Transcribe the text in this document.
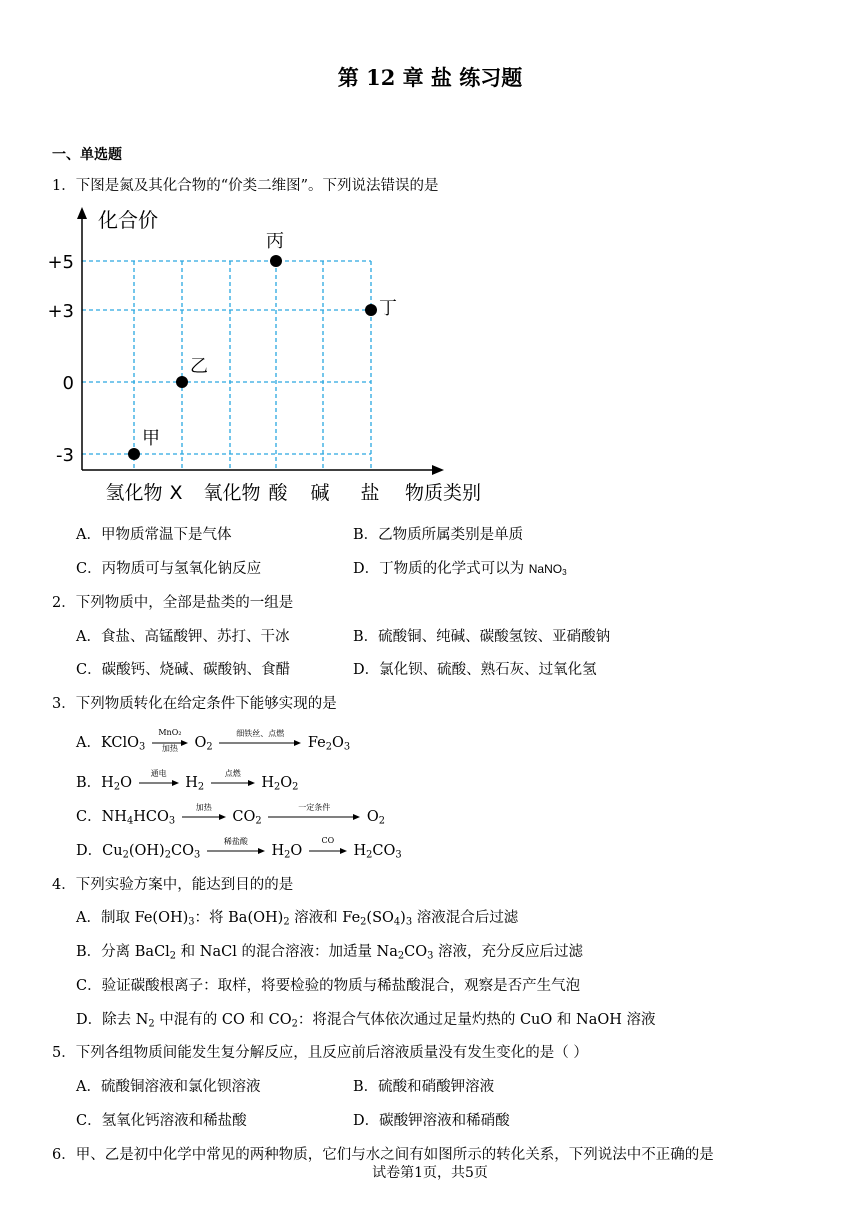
第 12 章 盐 练习题
一、单选题
1．下图是氮及其化合物的“价类二维图”。下列说法错误的是
化合价
+5
+3
0
-3
氢化物 X 氧化物 酸 碱 盐 物质类别
甲
乙
丙
丁
A．甲物质常温下是气体	B．乙物质所属类别是单质
C．丙物质可与氢氧化钠反应	D．丁物质的化学式可以为 NaNO$_3$
2．下列物质中，全部是盐类的一组是
A．食盐、高锰酸钾、苏打、干冰	B．硫酸铜、纯碱、碳酸氢铵、亚硝酸钠
C．碳酸钙、烧碱、碳酸钠、食醋	D．氯化钡、硫酸、熟石灰、过氧化氢
3．下列物质转化在给定条件下能够实现的是
A．KClO$_3$
MnO₂
加热	$O_2$
细铁丝、点燃
$Fe_2O_3$
B．$H_2O$
通电
$H_2$
点燃
$H_2O_2$
C．$NH_4HCO_3$
加热
$CO_2$
一定条件
$O_2$
D．$Cu_2(OH)_2CO_3$
稀盐酸
$H_2O$
CO
$H_2CO_3$
4．下列实验方案中，能达到目的的是
A．制取 $Fe(OH)_3$：将 $Ba(OH)_2$ 溶液和 $Fe_2(SO_4)_3$ 溶液混合后过滤
B．分离 BaCl$_2$ 和 NaCl 的混合溶液：加适量 $Na_2CO_3$ 溶液，充分反应后过滤
C．验证碳酸根离子：取样，将要检验的物质与稀盐酸混合，观察是否产生气泡
D．除去 $N_2$ 中混有的 CO 和 $CO_2$：将混合气体依次通过足量灼热的 CuO 和 NaOH 溶液
5．下列各组物质间能发生复分解反应，且反应前后溶液质量没有发生变化的是（ ）
A．硫酸铜溶液和氯化钡溶液	B．硫酸和硝酸钾溶液
C．氢氧化钙溶液和稀盐酸	D．碳酸钾溶液和稀硝酸
6．甲、乙是初中化学中常见的两种物质，它们与水之间有如图所示的转化关系，下列说法中不正确的是
试卷第1页，共5页
